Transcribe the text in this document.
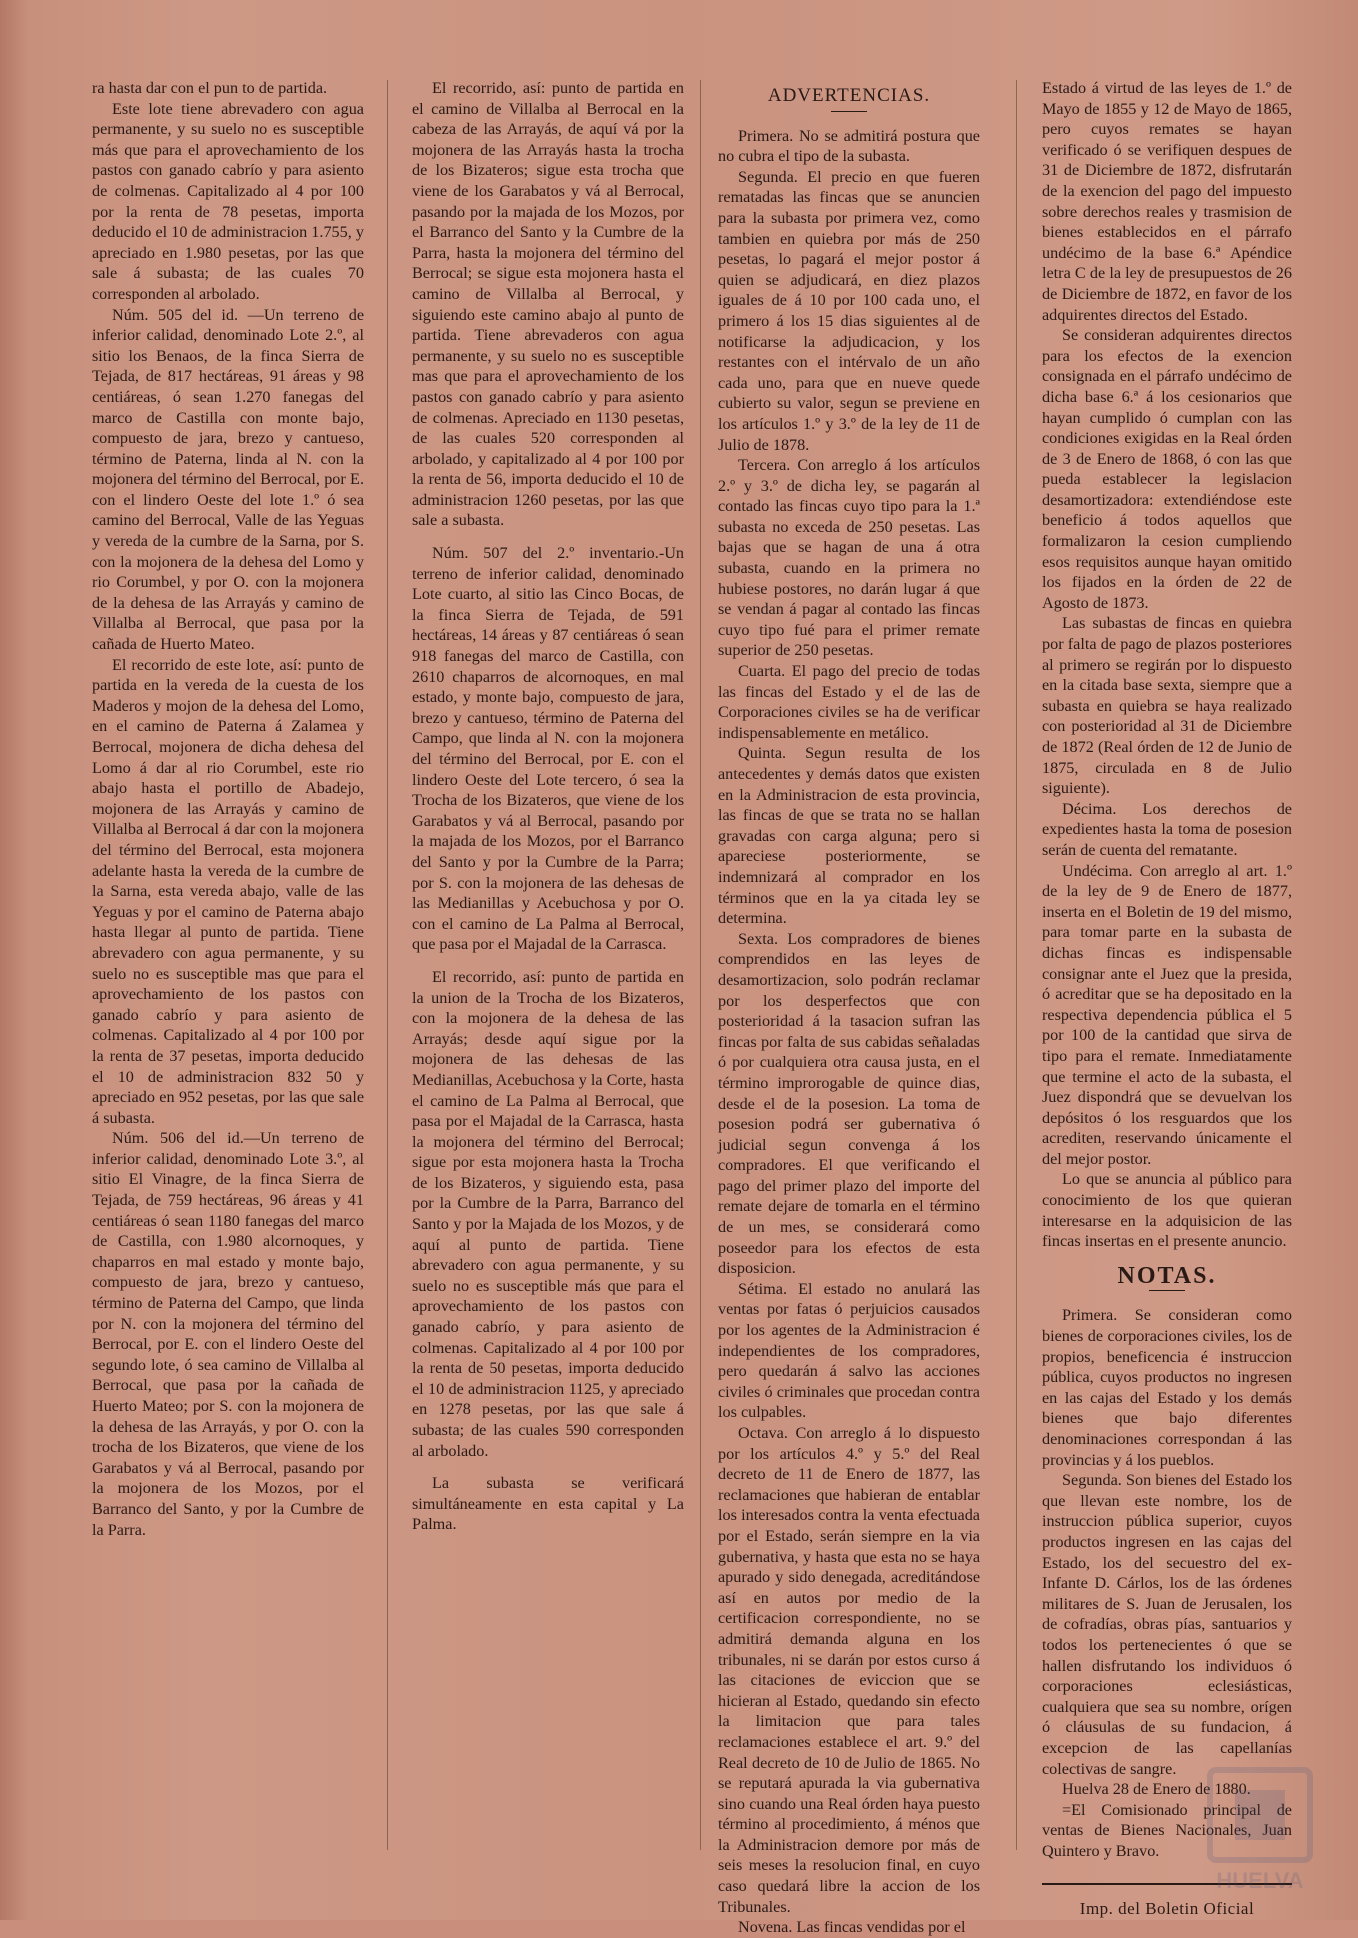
ra hasta dar con el pun to de partida.

Este lote tiene abrevadero con agua permanente, y su suelo no es susceptible más que para el aprovechamiento de los pastos con ganado cabrío y para asiento de colmenas. Capitalizado al 4 por 100 por la renta de 78 pesetas, importa deducido el 10 de administracion 1.755, y apreciado en 1.980 pesetas, por las que sale á subasta; de las cuales 70 corresponden al arbolado.

Núm. 505 del id. —Un terreno de inferior calidad, denominado Lote 2.º, al sitio los Benaos, de la finca Sierra de Tejada, de 817 hectáreas, 91 áreas y 98 centiáreas, ó sean 1.270 fanegas del marco de Castilla con monte bajo, compuesto de jara, brezo y cantueso, término de Paterna, linda al N. con la mojonera del término del Berrocal, por E. con el lindero Oeste del lote 1.º ó sea camino del Berrocal, Valle de las Yeguas y vereda de la cumbre de la Sarna, por S. con la mojonera de la dehesa del Lomo y rio Corumbel, y por O. con la mojonera de la dehesa de las Arrayás y camino de Villalba al Berrocal, que pasa por la cañada de Huerto Mateo.

El recorrido de este lote, así: punto de partida en la vereda de la cuesta de los Maderos y mojon de la dehesa del Lomo, en el camino de Paterna á Zalamea y Berrocal, mojonera de dicha dehesa del Lomo á dar al rio Corumbel, este rio abajo hasta el portillo de Abadejo, mojonera de las Arrayás y camino de Villalba al Berrocal á dar con la mojonera del término del Berrocal, esta mojonera adelante hasta la vereda de la cumbre de la Sarna, esta vereda abajo, valle de las Yeguas y por el camino de Paterna abajo hasta llegar al punto de partida. Tiene abrevadero con agua permanente, y su suelo no es susceptible mas que para el aprovechamiento de los pastos con ganado cabrío y para asiento de colmenas. Capitalizado al 4 por 100 por la renta de 37 pesetas, importa deducido el 10 de administracion 832 50 y apreciado en 952 pesetas, por las que sale á subasta.

Núm. 506 del id.—Un terreno de inferior calidad, denominado Lote 3.º, al sitio El Vinagre, de la finca Sierra de Tejada, de 759 hectáreas, 96 áreas y 41 centiáreas ó sean 1180 fanegas del marco de Castilla, con 1.980 alcornoques, y chaparros en mal estado y monte bajo, compuesto de jara, brezo y cantueso, término de Paterna del Campo, que linda por N. con la mojonera del término del Berrocal, por E. con el lindero Oeste del segundo lote, ó sea camino de Villalba al Berrocal, que pasa por la cañada de Huerto Mateo; por S. con la mojonera de la dehesa de las Arrayás, y por O. con la trocha de los Bizateros, que viene de los Garabatos y vá al Berrocal, pasando por la mojonera de los Mozos, por el Barranco del Santo, y por la Cumbre de la Parra.

El recorrido, así: punto de partida en el camino de Villalba al Berrocal en la cabeza de las Arrayás, de aquí vá por la mojonera de las Arrayás hasta la trocha de los Bizateros; sigue esta trocha que viene de los Garabatos y vá al Berrocal, pasando por la majada de los Mozos, por el Barranco del Santo y la Cumbre de la Parra, hasta la mojonera del término del Berrocal; se sigue esta mojonera hasta el camino de Villalba al Berrocal, y siguiendo este camino abajo al punto de partida. Tiene abrevaderos con agua permanente, y su suelo no es susceptible mas que para el aprovechamiento de los pastos con ganado cabrío y para asiento de colmenas. Apreciado en 1130 pesetas, de las cuales 520 corresponden al arbolado, y capitalizado al 4 por 100 por la renta de 56, importa deducido el 10 de administracion 1260 pesetas, por las que sale a subasta.

Núm. 507 del 2.º inventario.-Un terreno de inferior calidad, denominado Lote cuarto, al sitio las Cinco Bocas, de la finca Sierra de Tejada, de 591 hectáreas, 14 áreas y 87 centiáreas ó sean 918 fanegas del marco de Castilla, con 2610 chaparros de alcornoques, en mal estado, y monte bajo, compuesto de jara, brezo y cantueso, término de Paterna del Campo, que linda al N. con la mojonera del término del Berrocal, por E. con el lindero Oeste del Lote tercero, ó sea la Trocha de los Bizateros, que viene de los Garabatos y vá al Berrocal, pasando por la majada de los Mozos, por el Barranco del Santo y por la Cumbre de la Parra; por S. con la mojonera de las dehesas de las Medianillas y Acebuchosa y por O. con el camino de La Palma al Berrocal, que pasa por el Majadal de la Carrasca.

El recorrido, así: punto de partida en la union de la Trocha de los Bizateros, con la mojonera de la dehesa de las Arrayás; desde aquí sigue por la mojonera de las dehesas de las Medianillas, Acebuchosa y la Corte, hasta el camino de La Palma al Berrocal, que pasa por el Majadal de la Carrasca, hasta la mojonera del término del Berrocal; sigue por esta mojonera hasta la Trocha de los Bizateros, y siguiendo esta, pasa por la Cumbre de la Parra, Barranco del Santo y por la Majada de los Mozos, y de aquí al punto de partida. Tiene abrevadero con agua permanente, y su suelo no es susceptible más que para el aprovechamiento de los pastos con ganado cabrío, y para asiento de colmenas. Capitalizado al 4 por 100 por la renta de 50 pesetas, importa deducido el 10 de administracion 1125, y apreciado en 1278 pesetas, por las que sale á subasta; de las cuales 590 corresponden al arbolado.

La subasta se verificará simultáneamente en esta capital y La Palma.

ADVERTENCIAS.

Primera. No se admitirá postura que no cubra el tipo de la subasta.

Segunda. El precio en que fueren rematadas las fincas que se anuncien para la subasta por primera vez, como tambien en quiebra por más de 250 pesetas, lo pagará el mejor postor á quien se adjudicará, en diez plazos iguales de á 10 por 100 cada uno, el primero á los 15 dias siguientes al de notificarse la adjudicacion, y los restantes con el intérvalo de un año cada uno, para que en nueve quede cubierto su valor, segun se previene en los artículos 1.º y 3.º de la ley de 11 de Julio de 1878.

Tercera. Con arreglo á los artículos 2.º y 3.º de dicha ley, se pagarán al contado las fincas cuyo tipo para la 1.ª subasta no exceda de 250 pesetas. Las bajas que se hagan de una á otra subasta, cuando en la primera no hubiese postores, no darán lugar á que se vendan á pagar al contado las fincas cuyo tipo fué para el primer remate superior de 250 pesetas.

Cuarta. El pago del precio de todas las fincas del Estado y el de las de Corporaciones civiles se ha de verificar indispensablemente en metálico.

Quinta. Segun resulta de los antecedentes y demás datos que existen en la Administracion de esta provincia, las fincas de que se trata no se hallan gravadas con carga alguna; pero si apareciese posteriormente, se indemnizará al comprador en los términos que en la ya citada ley se determina.

Sexta. Los compradores de bienes comprendidos en las leyes de desamortizacion, solo podrán reclamar por los desperfectos que con posterioridad á la tasacion sufran las fincas por falta de sus cabidas señaladas ó por cualquiera otra causa justa, en el término improrogable de quince dias, desde el de la posesion. La toma de posesion podrá ser gubernativa ó judicial segun convenga á los compradores. El que verificando el pago del primer plazo del importe del remate dejare de tomarla en el término de un mes, se considerará como poseedor para los efectos de esta disposicion.

Sétima. El estado no anulará las ventas por fatas ó perjuicios causados por los agentes de la Administracion é independientes de los compradores, pero quedarán á salvo las acciones civiles ó criminales que procedan contra los culpables.

Octava. Con arreglo á lo dispuesto por los artículos 4.º y 5.º del Real decreto de 11 de Enero de 1877, las reclamaciones que habieran de entablar los interesados contra la venta efectuada por el Estado, serán siempre en la via gubernativa, y hasta que esta no se haya apurado y sido denegada, acreditándose así en autos por medio de la certificacion correspondiente, no se admitirá demanda alguna en los tribunales, ni se darán por estos curso á las citaciones de eviccion que se hicieran al Estado, quedando sin efecto la limitacion que para tales reclamaciones establece el art. 9.º del Real decreto de 10 de Julio de 1865. No se reputará apurada la via gubernativa sino cuando una Real órden haya puesto término al procedimiento, á ménos que la Administracion demore por más de seis meses la resolucion final, en cuyo caso quedará libre la accion de los Tribunales.

Novena. Las fincas vendidas por el

Estado á virtud de las leyes de 1.º de Mayo de 1855 y 12 de Mayo de 1865, pero cuyos remates se hayan verificado ó se verifiquen despues de 31 de Diciembre de 1872, disfrutarán de la exencion del pago del impuesto sobre derechos reales y trasmision de bienes establecidos en el párrafo undécimo de la base 6.ª Apéndice letra C de la ley de presupuestos de 26 de Diciembre de 1872, en favor de los adquirentes directos del Estado.

Se consideran adquirentes directos para los efectos de la exencion consignada en el párrafo undécimo de dicha base 6.ª á los cesionarios que hayan cumplido ó cumplan con las condiciones exigidas en la Real órden de 3 de Enero de 1868, ó con las que pueda establecer la legislacion desamortizadora: extendiéndose este beneficio á todos aquellos que formalizaron la cesion cumpliendo esos requisitos aunque hayan omitido los fijados en la órden de 22 de Agosto de 1873.

Las subastas de fincas en quiebra por falta de pago de plazos posteriores al primero se regirán por lo dispuesto en la citada base sexta, siempre que a subasta en quiebra se haya realizado con posterioridad al 31 de Diciembre de 1872 (Real órden de 12 de Junio de 1875, circulada en 8 de Julio siguiente).

Décima. Los derechos de expedientes hasta la toma de posesion serán de cuenta del rematante.

Undécima. Con arreglo al art. 1.º de la ley de 9 de Enero de 1877, inserta en el Boletin de 19 del mismo, para tomar parte en la subasta de dichas fincas es indispensable consignar ante el Juez que la presida, ó acreditar que se ha depositado en la respectiva dependencia pública el 5 por 100 de la cantidad que sirva de tipo para el remate. Inmediatamente que termine el acto de la subasta, el Juez dispondrá que se devuelvan los depósitos ó los resguardos que los acrediten, reservando únicamente el del mejor postor.

Lo que se anuncia al público para conocimiento de los que quieran interesarse en la adquisicion de las fincas insertas en el presente anuncio.

NOTAS.

Primera. Se consideran como bienes de corporaciones civiles, los de propios, beneficencia é instruccion pública, cuyos productos no ingresen en las cajas del Estado y los demás bienes que bajo diferentes denominaciones correspondan á las provincias y á los pueblos.

Segunda. Son bienes del Estado los que llevan este nombre, los de instruccion pública superior, cuyos productos ingresen en las cajas del Estado, los del secuestro del ex-Infante D. Cárlos, los de las órdenes militares de S. Juan de Jerusalen, los de cofradías, obras pías, santuarios y todos los pertenecientes ó que se hallen disfrutando los individuos ó corporaciones eclesiásticas, cualquiera que sea su nombre, orígen ó cláusulas de su fundacion, á excepcion de las capellanías colectivas de sangre.

Huelva 28 de Enero de 1880.

=El Comisionado principal de ventas de Bienes Nacionales, Juan Quintero y Bravo.

Imp. del Boletin Oficial
HUELVA
